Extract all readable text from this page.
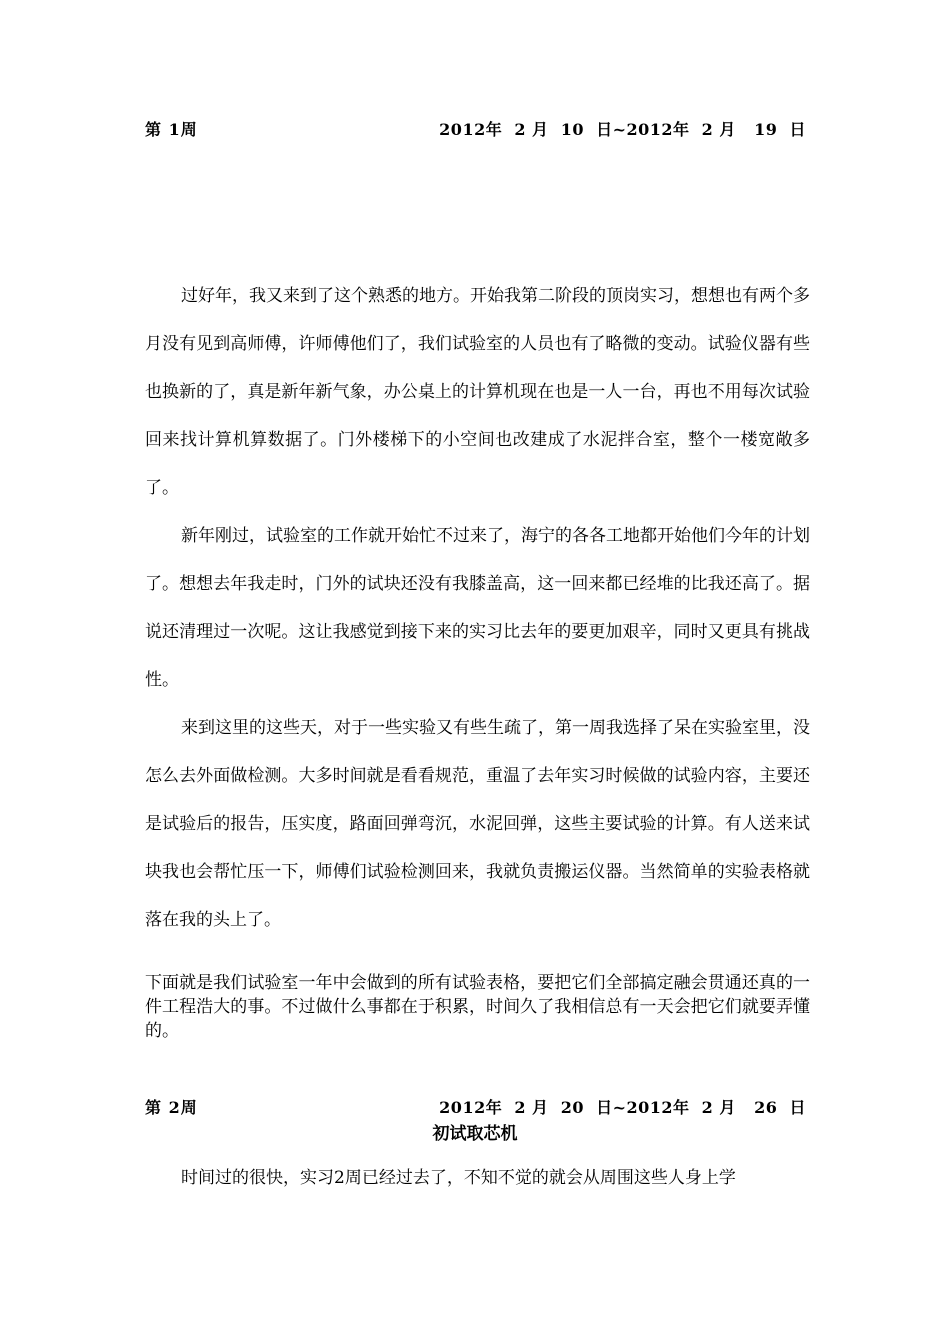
第 1周	2012年  2 月  10  日~2012年  2 月   19  日

过好年，我又来到了这个熟悉的地方。开始我第二阶段的顶岗实习，想想也有两个多月没有见到高师傅，许师傅他们了，我们试验室的人员也有了略微的变动。试验仪器有些也换新的了，真是新年新气象，办公桌上的计算机现在也是一人一台，再也不用每次试验回来找计算机算数据了。门外楼梯下的小空间也改建成了水泥拌合室，整个一楼宽敞多了。

新年刚过，试验室的工作就开始忙不过来了，海宁的各各工地都开始他们今年的计划了。想想去年我走时，门外的试块还没有我膝盖高，这一回来都已经堆的比我还高了。据说还清理过一次呢。这让我感觉到接下来的实习比去年的要更加艰辛，同时又更具有挑战性。

来到这里的这些天，对于一些实验又有些生疏了，第一周我选择了呆在实验室里，没怎么去外面做检测。大多时间就是看看规范，重温了去年实习时候做的试验内容，主要还是试验后的报告，压实度，路面回弹弯沉，水泥回弹，这些主要试验的计算。有人送来试块我也会帮忙压一下，师傅们试验检测回来，我就负责搬运仪器。当然简单的实验表格就落在我的头上了。

下面就是我们试验室一年中会做到的所有试验表格，要把它们全部搞定融会贯通还真的一件工程浩大的事。不过做什么事都在于积累，时间久了我相信总有一天会把它们就要弄懂的。

第 2周	2012年  2 月  20  日~2012年  2 月   26  日
初试取芯机

时间过的很快，实习2周已经过去了，不知不觉的就会从周围这些人身上学
